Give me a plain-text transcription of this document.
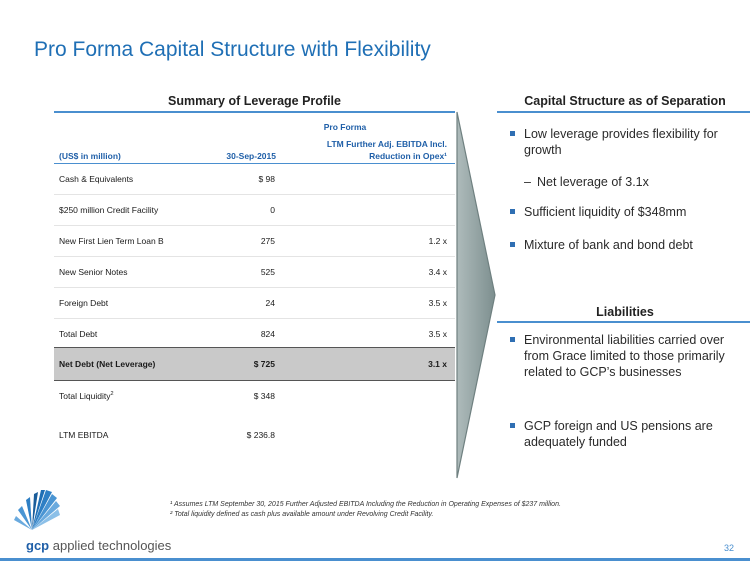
Pro Forma Capital Structure with Flexibility
Summary of Leverage Profile
Pro Forma
(US$ in million)	30-Sep-2015
LTM Further Adj. EBITDA Incl. Reduction in Opex¹
Cash & Equivalents	$ 98
$250 million Credit Facility	0
New First Lien Term Loan B	275	1.2 x
New Senior Notes	525	3.4 x
Foreign Debt	24	3.5 x
Total Debt	824	3.5 x
Net Debt (Net Leverage)	$ 725	3.1 x
Total Liquidity$^2$	$ 348
LTM EBITDA	$ 236.8
Capital Structure as of Separation
Low leverage provides flexibility for growth
– Net leverage of 3.1x
Sufficient liquidity of $348mm
Mixture of bank and bond debt
Liabilities
Environmental liabilities carried over from Grace limited to those primarily related to GCP’s businesses
GCP foreign and US pensions are adequately funded
¹ Assumes LTM September 30, 2015 Further Adjusted EBITDA Including the Reduction in Operating Expenses of $237 million.
² Total liquidity defined as cash plus available amount under Revolving Credit Facility.
gcp applied technologies	32
